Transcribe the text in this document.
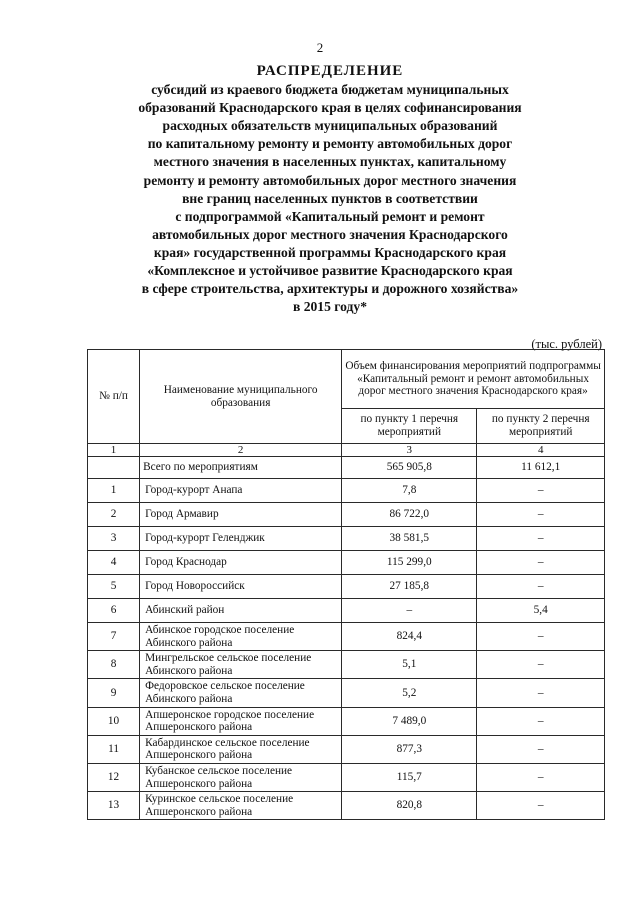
2
РАСПРЕДЕЛЕНИЕ
субсидий из краевого бюджета бюджетам муниципальных
образований Краснодарского края в целях софинансирования
расходных обязательств муниципальных образований
по капитальному ремонту и ремонту автомобильных дорог
местного значения в населенных пунктах, капитальному
ремонту и ремонту автомобильных дорог местного значения
вне границ населенных пунктов в соответствии
с подпрограммой «Капитальный ремонт и ремонт
автомобильных дорог местного значения Краснодарского
края» государственной программы Краснодарского края
«Комплексное и устойчивое развитие Краснодарского края
в сфере строительства, архитектуры и дорожного хозяйства»
в 2015 году*
(тыс. рублей)
№ п/п	Наименование муниципального образования	Объем финансирования мероприятий подпрограммы «Капитальный ремонт и ремонт автомобильных дорог местного значения Краснодарского края»	
		по пункту 1 перечня мероприятий	по пункту 2 перечня мероприятий
1	2	3	4
	Всего по мероприятиям	565 905,8	11 612,1
1	Город-курорт Анапа	7,8	–
2	Город Армавир	86 722,0	–
3	Город-курорт Геленджик	38 581,5	–
4	Город Краснодар	115 299,0	–
5	Город Новороссийск	27 185,8	–
6	Абинский район	–	5,4
7	Абинское городское поселение Абинского района	824,4	–
8	Мингрельское сельское поселение Абинского района	5,1	–
9	Федоровское сельское поселение Абинского района	5,2	–
10	Апшеронское городское поселение Апшеронского района	7 489,0	–
11	Кабардинское сельское поселение Апшеронского района	877,3	–
12	Кубанское сельское поселение Апшеронского района	115,7	–
13	Куринское сельское поселение Апшеронского района	820,8	–
